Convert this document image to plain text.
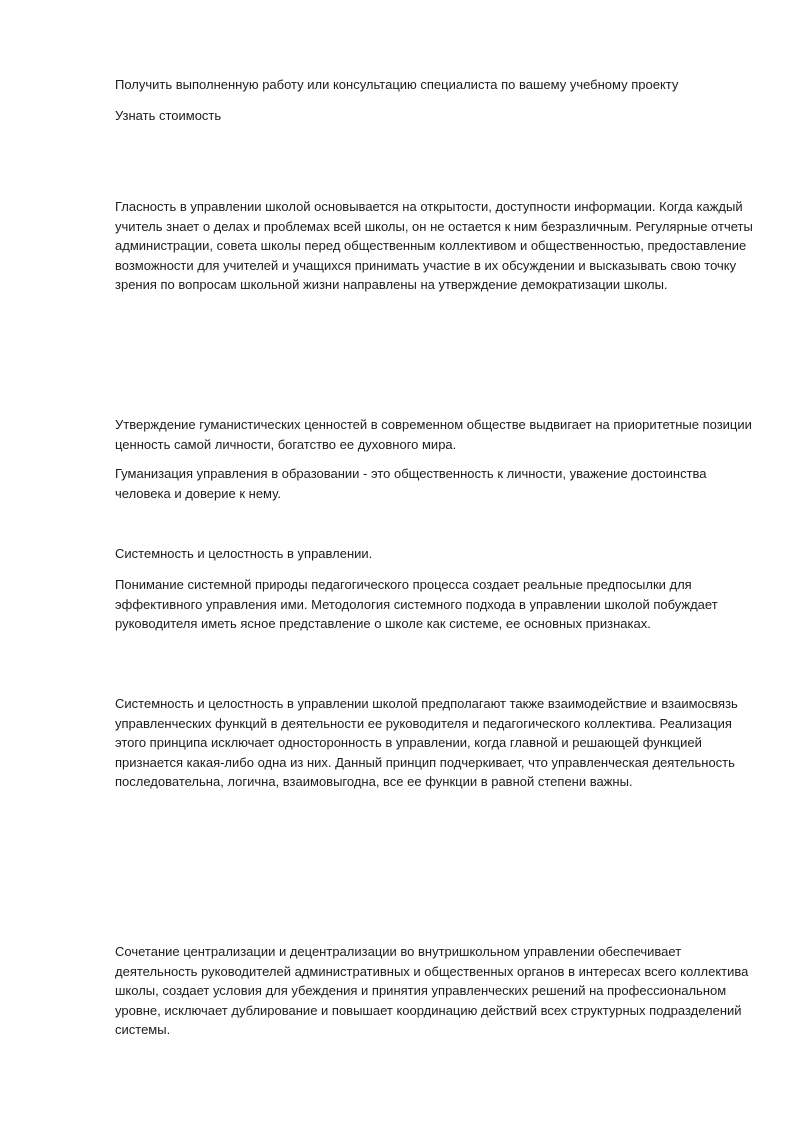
Получить выполненную работу или консультацию специалиста по вашему учебному проекту
Узнать стоимость

Гласность в управлении школой основывается на открытости, доступности информации. Когда каждый учитель знает о делах и проблемах всей школы, он не остается к ним безразличным. Регулярные отчеты администрации, совета школы перед общественным коллективом и общественностью, предоставление возможности для учителей и учащихся принимать участие в их обсуждении и высказывать свою точку зрения по вопросам школьной жизни направлены на утверждение демократизации школы.

Утверждение гуманистических ценностей в современном обществе выдвигает на приоритетные позиции ценность самой личности, богатство ее духовного мира.

Гуманизация управления в образовании - это общественность к личности, уважение достоинства человека и доверие к нему.

Системность и целостность в управлении.

Понимание системной природы педагогического процесса создает реальные предпосылки для эффективного управления ими. Методология системного подхода в управлении школой побуждает руководителя иметь ясное представление о школе как системе, ее основных признаках.

Системность и целостность в управлении школой предполагают также взаимодействие и взаимосвязь управленческих функций в деятельности ее руководителя и педагогического коллектива. Реализация этого принципа исключает односторонность в управлении, когда главной и решающей функцией признается какая-либо одна из них. Данный принцип подчеркивает, что управленческая деятельность последовательна, логична, взаимовыгодна, все ее функции в равной степени важны.

Сочетание централизации и децентрализации во внутришкольном управлении обеспечивает деятельность руководителей административных и общественных органов в интересах всего коллектива школы, создает условия для убеждения и принятия управленческих решений на профессиональном уровне, исключает дублирование и повышает координацию действий всех структурных подразделений системы.
